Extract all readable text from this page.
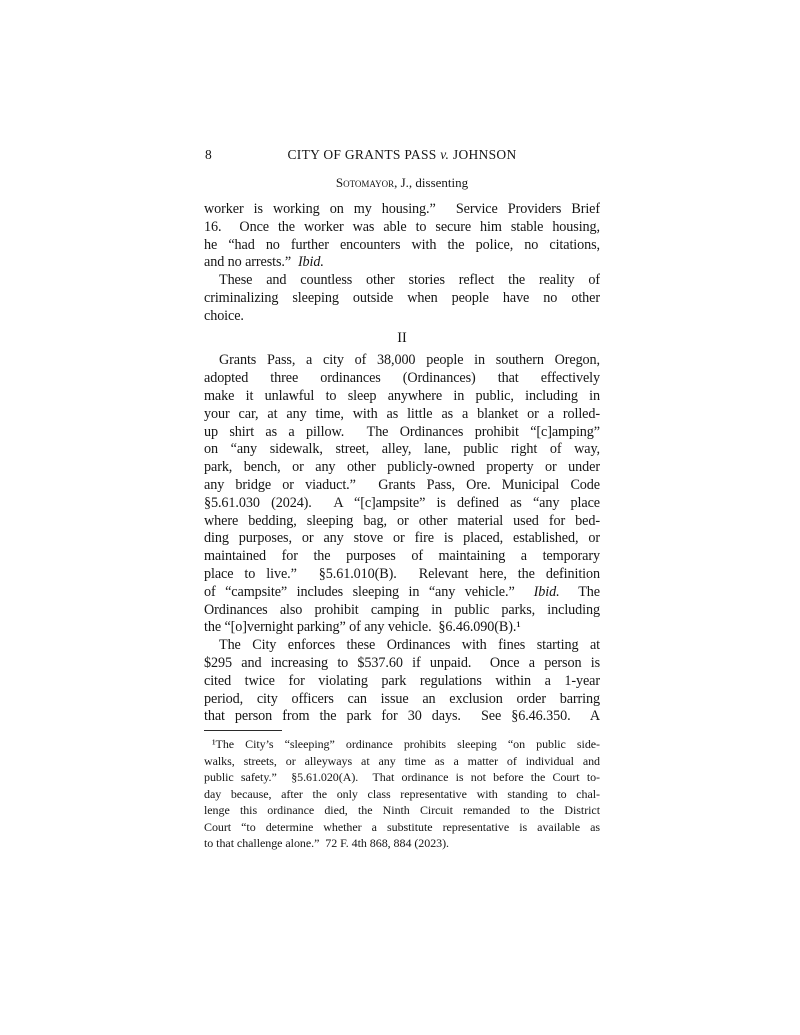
8	CITY OF GRANTS PASS v. JOHNSON
Sotomayor, J., dissenting
worker is working on my housing.”  Service Providers Brief
16.  Once the worker was able to secure him stable housing,
he “had no further encounters with the police, no citations,
and no arrests.”  Ibid.
These and countless other stories reflect the reality of
criminalizing sleeping outside when people have no other
choice.
II
Grants Pass, a city of 38,000 people in southern Oregon,
adopted three ordinances (Ordinances) that effectively
make it unlawful to sleep anywhere in public, including in
your car, at any time, with as little as a blanket or a rolled-
up shirt as a pillow.  The Ordinances prohibit “[c]amping”
on “any sidewalk, street, alley, lane, public right of way,
park, bench, or any other publicly-owned property or under
any bridge or viaduct.”  Grants Pass, Ore. Municipal Code
§5.61.030 (2024).  A “[c]ampsite” is defined as “any place
where bedding, sleeping bag, or other material used for bed-
ding purposes, or any stove or fire is placed, established, or
maintained for the purposes of maintaining a temporary
place to live.”  §5.61.010(B).  Relevant here, the definition
of “campsite” includes sleeping in “any vehicle.”  Ibid.  The
Ordinances also prohibit camping in public parks, including
the “[o]vernight parking” of any vehicle.  §6.46.090(B).¹
The City enforces these Ordinances with fines starting at
$295 and increasing to $537.60 if unpaid.  Once a person is
cited twice for violating park regulations within a 1-year
period, city officers can issue an exclusion order barring
that person from the park for 30 days.  See §6.46.350.  A
¹The City’s “sleeping” ordinance prohibits sleeping “on public side-
walks, streets, or alleyways at any time as a matter of individual and
public safety.”  §5.61.020(A).  That ordinance is not before the Court to-
day because, after the only class representative with standing to chal-
lenge this ordinance died, the Ninth Circuit remanded to the District
Court “to determine whether a substitute representative is available as
to that challenge alone.”  72 F. 4th 868, 884 (2023).
